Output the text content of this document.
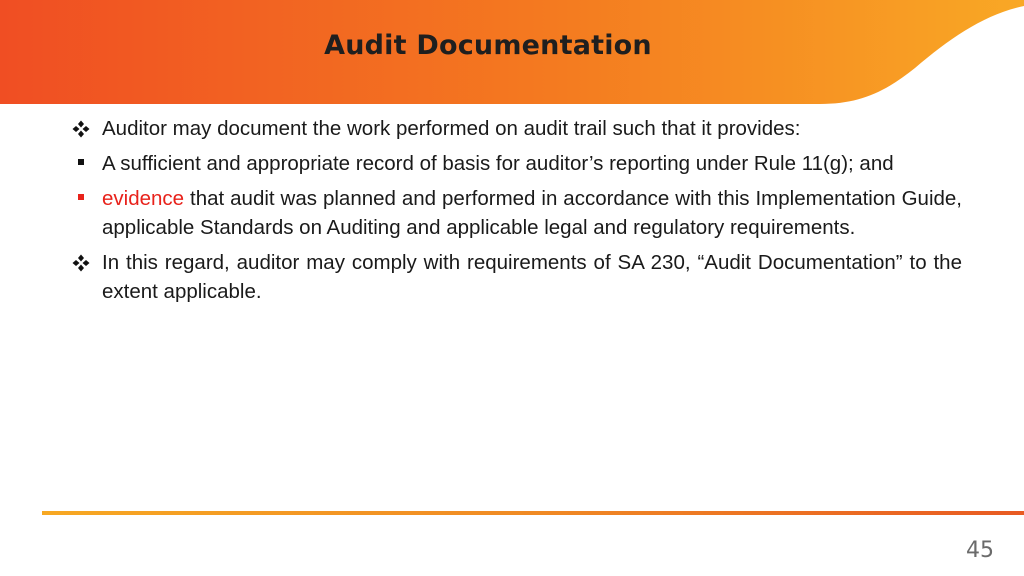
Audit Documentation
Auditor may document the work performed on audit trail such that it provides:
A sufficient and appropriate record of basis for auditor’s reporting under Rule 11(g); and
evidence that audit was planned and performed in accordance with this Implementation Guide, applicable Standards on Auditing and applicable legal and regulatory requirements.
In this regard, auditor may comply with requirements of SA 230, “Audit Documentation” to the extent applicable.
45
